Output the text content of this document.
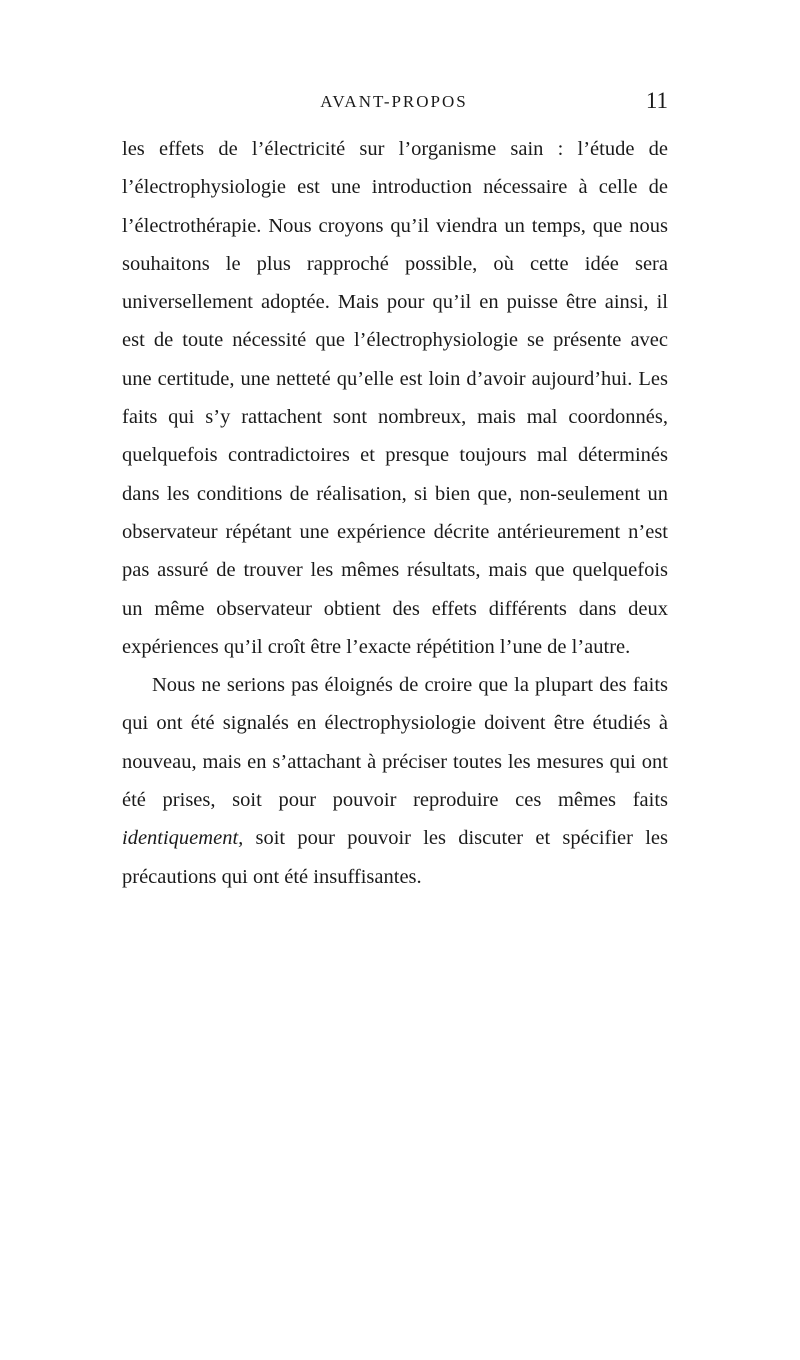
AVANT-PROPOS	11

les effets de l’électricité sur l’organisme sain : l’étude de l’électrophysiologie est une introduction nécessaire à celle de l’électrothérapie. Nous croyons qu’il viendra un temps, que nous souhaitons le plus rapproché possible, où cette idée sera universellement adoptée. Mais pour qu’il en puisse être ainsi, il est de toute nécessité que l’électrophysiologie se présente avec une certitude, une netteté qu’elle est loin d’avoir aujourd’hui. Les faits qui s’y rattachent sont nombreux, mais mal coordonnés, quelquefois contradictoires et presque toujours mal déterminés dans les conditions de réalisation, si bien que, non-seulement un observateur répétant une expérience décrite antérieurement n’est pas assuré de trouver les mêmes résultats, mais que quelquefois un même observateur obtient des effets différents dans deux expériences qu’il croît être l’exacte répétition l’une de l’autre.

Nous ne serions pas éloignés de croire que la plupart des faits qui ont été signalés en électrophysiologie doivent être étudiés à nouveau, mais en s’attachant à préciser toutes les mesures qui ont été prises, soit pour pouvoir reproduire ces mêmes faits identiquement, soit pour pouvoir les discuter et spécifier les précautions qui ont été insuffisantes.
